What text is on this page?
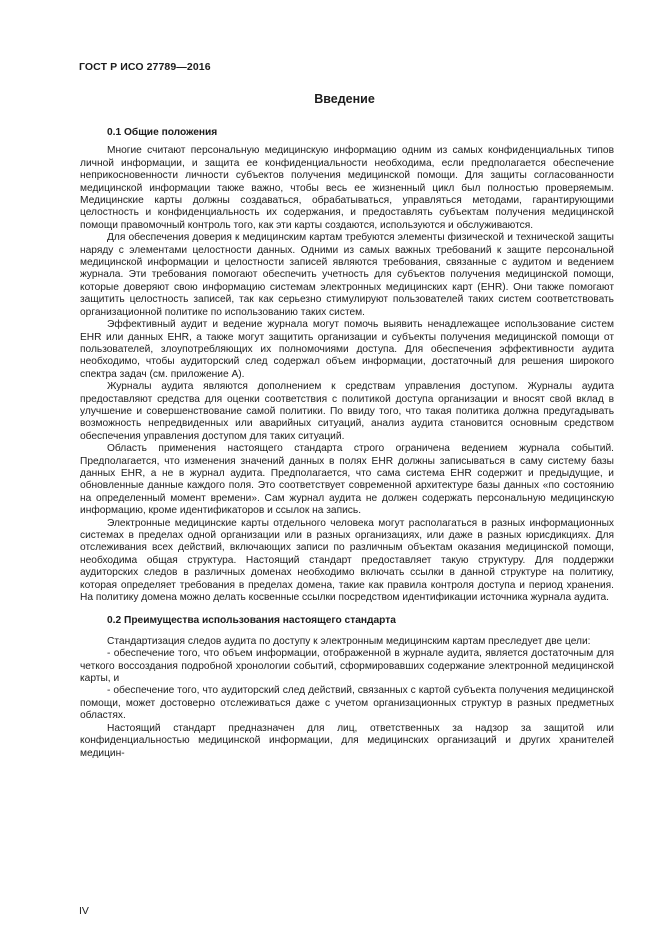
ГОСТ Р ИСО 27789—2016
Введение
0.1 Общие положения

Многие считают персональную медицинскую информацию одним из самых конфиденциальных типов личной информации, и защита ее конфиденциальности необходима, если предполагается обеспечение неприкосновенности личности субъектов получения медицинской помощи. Для защиты согласованности медицинской информации также важно, чтобы весь ее жизненный цикл был полностью проверяемым. Медицинские карты должны создаваться, обрабатываться, управляться методами, гарантирующими целостность и конфиденциальность их содержания, и предоставлять субъектам получения медицинской помощи правомочный контроль того, как эти карты создаются, используются и обслуживаются.

Для обеспечения доверия к медицинским картам требуются элементы физической и технической защиты наряду с элементами целостности данных. Одними из самых важных требований к защите персональной медицинской информации и целостности записей являются требования, связанные с аудитом и ведением журнала. Эти требования помогают обеспечить учетность для субъектов получения медицинской помощи, которые доверяют свою информацию системам электронных медицинских карт (EHR). Они также помогают защитить целостность записей, так как серьезно стимулируют пользователей таких систем соответствовать организационной политике по использованию таких систем.

Эффективный аудит и ведение журнала могут помочь выявить ненадлежащее использование систем EHR или данных EHR, а также могут защитить организации и субъекты получения медицинской помощи от пользователей, злоупотребляющих их полномочиями доступа. Для обеспечения эффективности аудита необходимо, чтобы аудиторский след содержал объем информации, достаточный для решения широкого спектра задач (см. приложение А).

Журналы аудита являются дополнением к средствам управления доступом. Журналы аудита предоставляют средства для оценки соответствия с политикой доступа организации и вносят свой вклад в улучшение и совершенствование самой политики. По ввиду того, что такая политика должна предугадывать возможность непредвиденных или аварийных ситуаций, анализ аудита становится основным средством обеспечения управления доступом для таких ситуаций.

Область применения настоящего стандарта строго ограничена ведением журнала событий. Предполагается, что изменения значений данных в полях EHR должны записываться в саму систему базы данных EHR, а не в журнал аудита. Предполагается, что сама система EHR содержит и предыдущие, и обновленные данные каждого поля. Это соответствует современной архитектуре базы данных «по состоянию на определенный момент времени». Сам журнал аудита не должен содержать персональную медицинскую информацию, кроме идентификаторов и ссылок на запись.

Электронные медицинские карты отдельного человека могут располагаться в разных информационных системах в пределах одной организации или в разных организациях, или даже в разных юрисдикциях. Для отслеживания всех действий, включающих записи по различным объектам оказания медицинской помощи, необходима общая структура. Настоящий стандарт предоставляет такую структуру. Для поддержки аудиторских следов в различных доменах необходимо включать ссылки в данной структуре на политику, которая определяет требования в пределах домена, такие как правила контроля доступа и период хранения. На политику домена можно делать косвенные ссылки посредством идентификации источника журнала аудита.

0.2 Преимущества использования настоящего стандарта

Стандартизация следов аудита по доступу к электронным медицинским картам преследует две цели:

- обеспечение того, что объем информации, отображенной в журнале аудита, является достаточным для четкого воссоздания подробной хронологии событий, сформировавших содержание электронной медицинской карты, и

- обеспечение того, что аудиторский след действий, связанных с картой субъекта получения медицинской помощи, может достоверно отслеживаться даже с учетом организационных структур в разных предметных областях.

Настоящий стандарт предназначен для лиц, ответственных за надзор за защитой или конфиденциальностью медицинской информации, для медицинских организаций и других хранителей медицин-

IV
